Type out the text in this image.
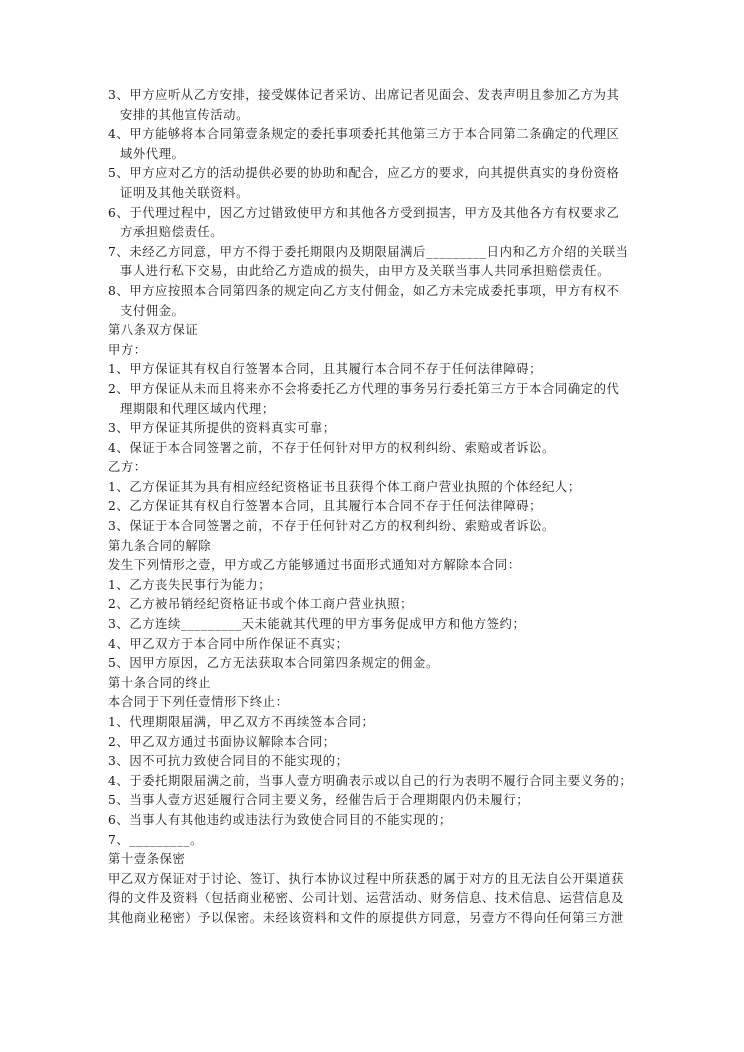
3、甲方应听从乙方安排，接受媒体记者采访、出席记者见面会、发表声明且参加乙方为其
安排的其他宣传活动。
4、甲方能够将本合同第壹条规定的委托事项委托其他第三方于本合同第二条确定的代理区
域外代理。
5、甲方应对乙方的活动提供必要的协助和配合，应乙方的要求，向其提供真实的身份资格
证明及其他关联资料。
6、于代理过程中，因乙方过错致使甲方和其他各方受到损害，甲方及其他各方有权要求乙
方承担赔偿责任。
7、未经乙方同意，甲方不得于委托期限内及期限届满后_________日内和乙方介绍的关联当
事人进行私下交易，由此给乙方造成的损失，由甲方及关联当事人共同承担赔偿责任。
8、甲方应按照本合同第四条的规定向乙方支付佣金，如乙方未完成委托事项，甲方有权不
支付佣金。
第八条双方保证
甲方：
1、甲方保证其有权自行签署本合同，且其履行本合同不存于任何法律障碍；
2、甲方保证从未而且将来亦不会将委托乙方代理的事务另行委托第三方于本合同确定的代
理期限和代理区域内代理；
3、甲方保证其所提供的资料真实可靠；
4、保证于本合同签署之前，不存于任何针对甲方的权利纠纷、索赔或者诉讼。
乙方：
1、乙方保证其为具有相应经纪资格证书且获得个体工商户营业执照的个体经纪人；
2、乙方保证其有权自行签署本合同，且其履行本合同不存于任何法律障碍；
3、保证于本合同签署之前，不存于任何针对乙方的权利纠纷、索赔或者诉讼。
第九条合同的解除
发生下列情形之壹，甲方或乙方能够通过书面形式通知对方解除本合同：
1、乙方丧失民事行为能力；
2、乙方被吊销经纪资格证书或个体工商户营业执照；
3、乙方连续_________天未能就其代理的甲方事务促成甲方和他方签约；
4、甲乙双方于本合同中所作保证不真实；
5、因甲方原因，乙方无法获取本合同第四条规定的佣金。
第十条合同的终止
本合同于下列任壹情形下终止：
1、代理期限届满，甲乙双方不再续签本合同；
2、甲乙双方通过书面协议解除本合同；
3、因不可抗力致使合同目的不能实现的；
4、于委托期限届满之前，当事人壹方明确表示或以自己的行为表明不履行合同主要义务的；
5、当事人壹方迟延履行合同主要义务，经催告后于合理期限内仍未履行；
6、当事人有其他违约或违法行为致使合同目的不能实现的；
7、_________。
第十壹条保密
甲乙双方保证对于讨论、签订、执行本协议过程中所获悉的属于对方的且无法自公开渠道获
得的文件及资料（包括商业秘密、公司计划、运营活动、财务信息、技术信息、运营信息及
其他商业秘密）予以保密。未经该资料和文件的原提供方同意，另壹方不得向任何第三方泄
